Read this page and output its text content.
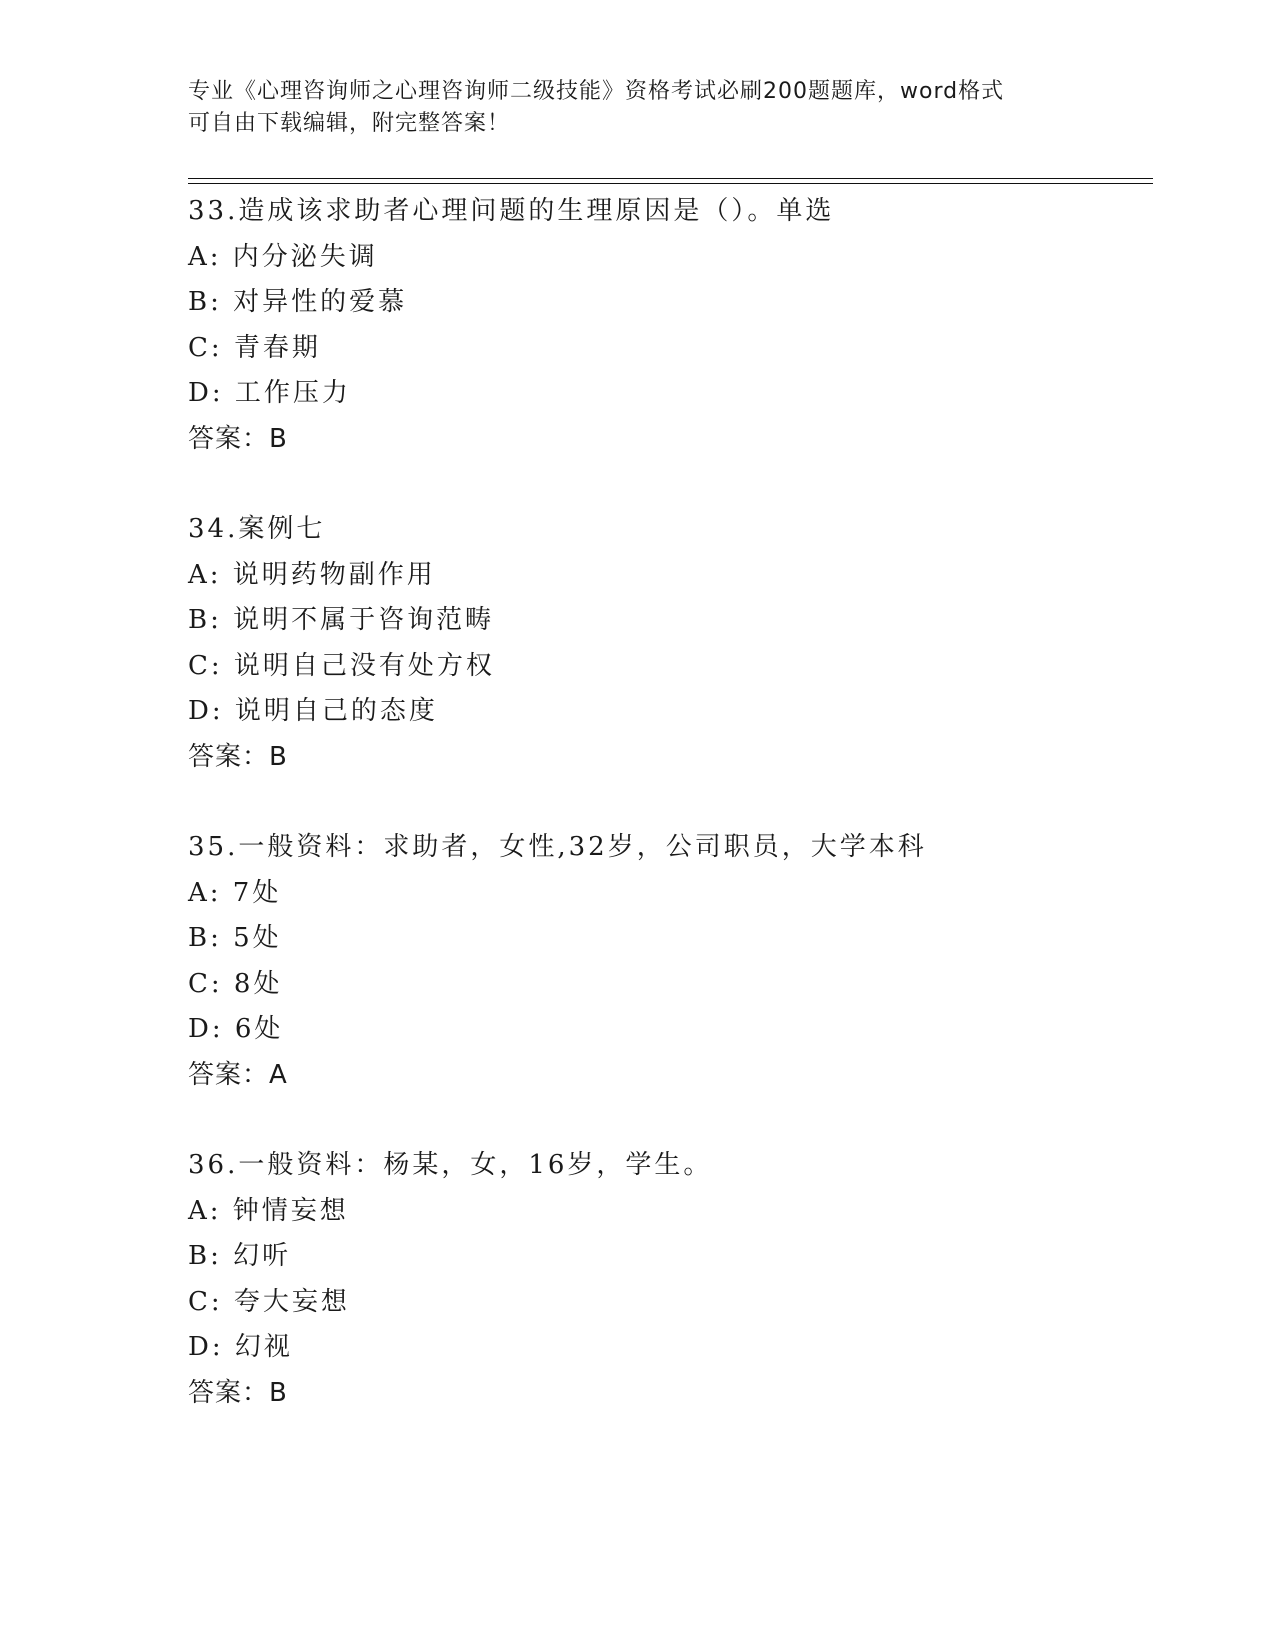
专业《心理咨询师之心理咨询师二级技能》资格考试必刷200题题库，word格式
可自由下载编辑，附完整答案！
33.造成该求助者心理问题的生理原因是（）。单选
A: 内分泌失调
B: 对异性的爱慕
C: 青春期
D: 工作压力
答案：B
34.案例七
A: 说明药物副作用
B: 说明不属于咨询范畴
C: 说明自己没有处方权
D: 说明自己的态度
答案：B
35.一般资料：求助者，女性,32岁，公司职员，大学本科
A: 7处
B: 5处
C: 8处
D: 6处
答案：A
36.一般资料：杨某，女，16岁，学生。
A: 钟情妄想
B: 幻听
C: 夸大妄想
D: 幻视
答案：B
